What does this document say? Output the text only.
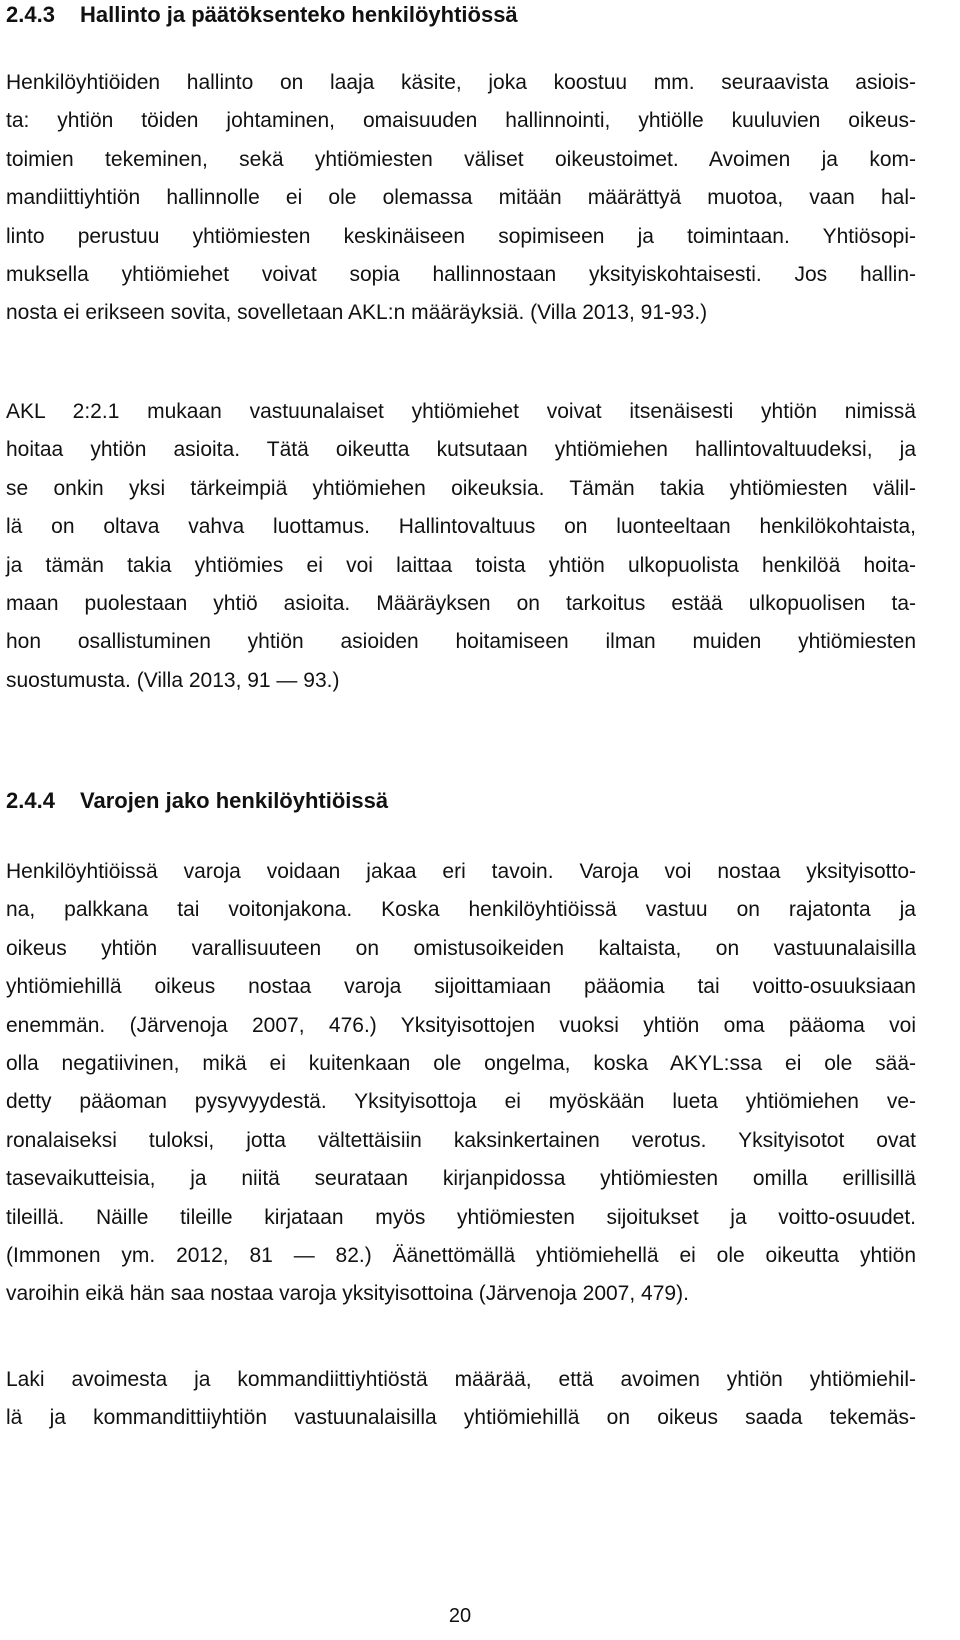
2.4.3 Hallinto ja päätöksenteko henkilöyhtiössä
Henkilöyhtiöiden hallinto on laaja käsite, joka koostuu mm. seuraavista asiois-
ta: yhtiön töiden johtaminen, omaisuuden hallinnointi, yhtiölle kuuluvien oikeus-
toimien tekeminen, sekä yhtiömiesten väliset oikeustoimet. Avoimen ja kom-
mandiittiyhtiön hallinnolle ei ole olemassa mitään määrättyä muotoa, vaan hal-
linto perustuu yhtiömiesten keskinäiseen sopimiseen ja toimintaan. Yhtiösopi-
muksella yhtiömiehet voivat sopia hallinnostaan yksityiskohtaisesti. Jos hallin-
nosta ei erikseen sovita, sovelletaan AKL:n määräyksiä. (Villa 2013, 91-93.)
AKL 2:2.1 mukaan vastuunalaiset yhtiömiehet voivat itsenäisesti yhtiön nimissä
hoitaa yhtiön asioita. Tätä oikeutta kutsutaan yhtiömiehen hallintovaltuudeksi, ja
se onkin yksi tärkeimpiä yhtiömiehen oikeuksia. Tämän takia yhtiömiesten välil-
lä on oltava vahva luottamus. Hallintovaltuus on luonteeltaan henkilökohtaista,
ja tämän takia yhtiömies ei voi laittaa toista yhtiön ulkopuolista henkilöä hoita-
maan puolestaan yhtiö asioita. Määräyksen on tarkoitus estää ulkopuolisen ta-
hon osallistuminen yhtiön asioiden hoitamiseen ilman muiden yhtiömiesten
suostumusta. (Villa 2013, 91 ― 93.)
2.4.4 Varojen jako henkilöyhtiöissä
Henkilöyhtiöissä varoja voidaan jakaa eri tavoin. Varoja voi nostaa yksityisotto-
na, palkkana tai voitonjakona. Koska henkilöyhtiöissä vastuu on rajatonta ja
oikeus yhtiön varallisuuteen on omistusoikeiden kaltaista, on vastuunalaisilla
yhtiömiehillä oikeus nostaa varoja sijoittamiaan pääomia tai voitto-osuuksiaan
enemmän. (Järvenoja 2007, 476.) Yksityisottojen vuoksi yhtiön oma pääoma voi
olla negatiivinen, mikä ei kuitenkaan ole ongelma, koska AKYL:ssa ei ole sää-
detty pääoman pysyvyydestä. Yksityisottoja ei myöskään lueta yhtiömiehen ve-
ronalaiseksi tuloksi, jotta vältettäisiin kaksinkertainen verotus. Yksityisotot ovat
tasevaikutteisia, ja niitä seurataan kirjanpidossa yhtiömiesten omilla erillisillä
tileillä. Näille tileille kirjataan myös yhtiömiesten sijoitukset ja voitto-osuudet.
(Immonen ym. 2012, 81 ― 82.) Äänettömällä yhtiömiehellä ei ole oikeutta yhtiön
varoihin eikä hän saa nostaa varoja yksityisottoina (Järvenoja 2007, 479).
Laki avoimesta ja kommandiittiyhtiöstä määrää, että avoimen yhtiön yhtiömiehil-
lä ja kommandittiiyhtiön vastuunalaisilla yhtiömiehillä on oikeus saada tekemäs-
20
